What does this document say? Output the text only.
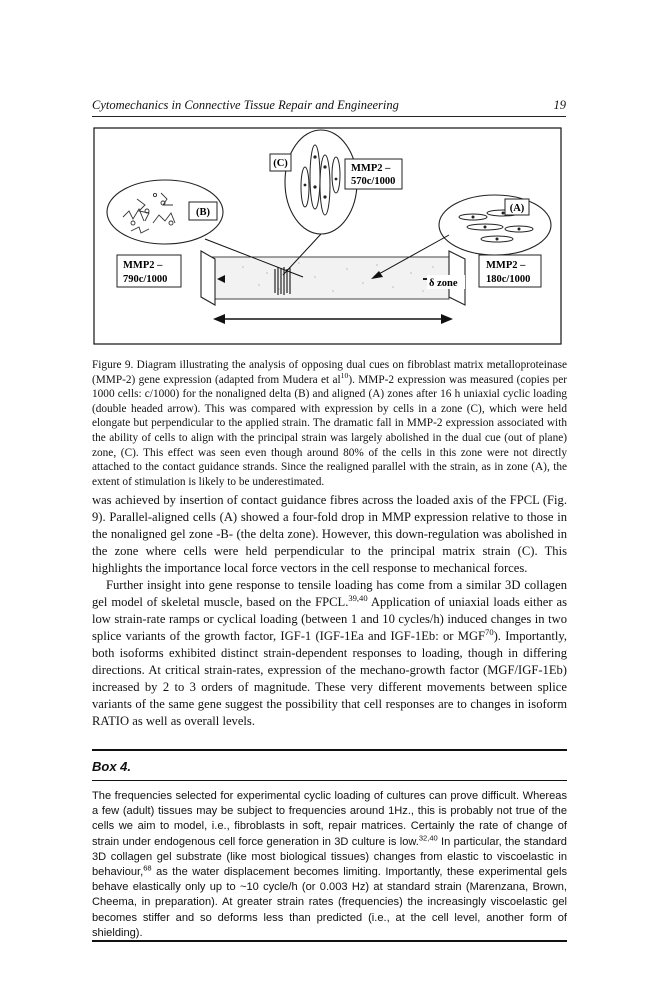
Cytomechanics in Connective Tissue Repair and Engineering	19
(C)	MMP2 –
570c/1000
(B)
MMP2 –
790c/1000
(A)
MMP2 –
180c/1000
δ zone
Figure 9. Diagram illustrating the analysis of opposing dual cues on fibroblast matrix metalloproteinase (MMP-2) gene expression (adapted from Mudera et $al^{10}$). MMP-2 expression was measured (copies per 1000 cells: c/1000) for the nonaligned delta (B) and aligned (A) zones after 16 h uniaxial cyclic loading (double headed arrow). This was compared with expression by cells in a zone (C), which were held elongate but perpendicular to the applied strain. The dramatic fall in MMP-2 expression associated with the ability of cells to align with the principal strain was largely abolished in the dual cue (out of plane) zone, (C). This effect was seen even though around 80% of the cells in this zone were not directly attached to the contact guidance strands. Since the realigned parallel with the strain, as in zone (A), the extent of stimulation is likely to be underestimated.

was achieved by insertion of contact guidance fibres across the loaded axis of the FPCL (Fig. 9). Parallel-aligned cells (A) showed a four-fold drop in MMP expression relative to those in the nonaligned gel zone -B- (the delta zone). However, this down-regulation was abolished in the zone where cells were held perpendicular to the principal matrix strain (C). This highlights the importance local force vectors in the cell response to mechanical forces.

Further insight into gene response to tensile loading has come from a similar 3D collagen gel model of skeletal muscle, based on the FPCL.$^{39,40}$ Application of uniaxial loads either as low strain-rate ramps or cyclical loading (between 1 and 10 cycles/h) induced changes in two splice variants of the growth factor, IGF-1 (IGF-1Ea and IGF-1Eb: or MGF$^{70}$). Importantly, both isoforms exhibited distinct strain-dependent responses to loading, though in differing directions. At critical strain-rates, expression of the mechano-growth factor (MGF/IGF-1Eb) increased by 2 to 3 orders of magnitude. These very different movements between splice variants of the same gene suggest the possibility that cell responses are to changes in isoform RATIO as well as overall levels.

Box 4.
The frequencies selected for experimental cyclic loading of cultures can prove difficult. Whereas a few (adult) tissues may be subject to frequencies around 1Hz., this is probably not true of the cells we aim to model, i.e., fibroblasts in soft, repair matrices. Certainly the rate of change of strain under endogenous cell force generation in 3D culture is low.$^{32,40}$ In particular, the standard 3D collagen gel substrate (like most biological tissues) changes from elastic to viscoelastic in behaviour,$^{68}$ as the water displacement becomes limiting. Importantly, these experimental gels behave elastically only up to ~10 cycle/h (or 0.003 Hz) at standard strain (Marenzana, Brown, Cheema, in preparation). At greater strain rates (frequencies) the increasingly viscoelastic gel becomes stiffer and so deforms less than predicted (i.e., at the cell level, another form of shielding).
